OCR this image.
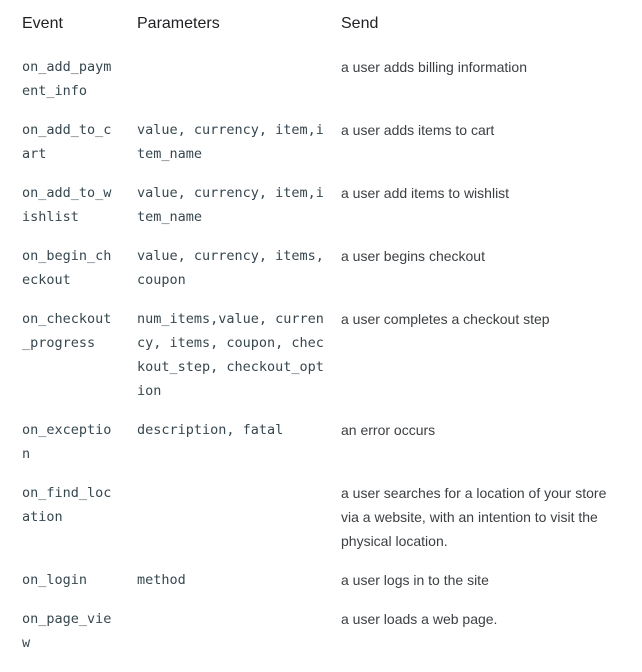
Event	Parameters	Send

on_add_payment_info		a user adds billing information

on_add_to_cart	value, currency, item,item_name	a user adds items to cart

on_add_to_wishlist	value, currency, item,item_name	a user add items to wishlist

on_begin_checkout	value, currency, items, coupon	a user begins checkout

on_checkout_progress	num_items,value, currency, items, coupon, checkout_step, checkout_option	a user completes a checkout step

on_exception	description, fatal	an error occurs

on_find_location		a user searches for a location of your store via a website, with an intention to visit the physical location.

on_login	method	a user logs in to the site

on_page_view		a user loads a web page.
